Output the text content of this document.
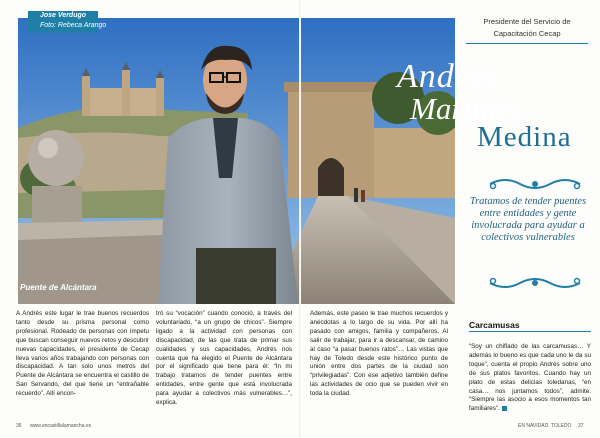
Jose Verdugo
Foto: Rebeca Arango
Puente de Alcántara
Presidente del Servicio de Capacitación Cecap
Andrés
Martínez
Medina
Tratamos de tender puentes entre entidades y gente involucrada para ayudar a colectivos vulnerables
A Andrés este lugar le trae buenos recuerdos tanto desde su prisma personal como profesional. Rodeado de personas con ímpetu que buscan conseguir nuevos retos y descubrir nuevas capacidades, el presidente de Cecap lleva varios años trabajando con personas con discapacidad. A tan solo unos metros del Puente de Alcántara se encuentra el castillo de San Servando, del que tiene un “entrañable recuerdo”. Allí encon-
tró su “vocación” cuando conoció, a través del voluntariado, “a un grupo de chicos”. Siempre ligado a la actividad con personas con discapacidad, de las que trata de primar sus cualidades y sus capacidades, Andrés nos cuenta que ha elegido el Puente de Alcántara por el significado que tiene para él: “In mi trabajo tratamos de tender puentes entre entidades, entre gente que está involucrada para ayudar a colectivos más vulnerables…”, explica.
Además, este paseo le trae muchos recuerdos y anécdotas a lo largo de su vida. Por allí ha pasado con amigos, familia y compañeros. Al salir de trabajar, para ir a descansar, de camino al caso “a pasar buenos ratos”… Las vistas que hay de Toledo desde este histórico punto de unión entre dos partes de la ciudad son “privilegiadas”. Con ese adjetivo también define las actividades de ocio que se pueden vivir en toda la ciudad.
Carcamusas
“Soy un chiflado de las carcamusas… Y además lo bueno es que cada uno le da su toque”, cuenta el propio Andrés sobre uno de sus platos favoritos. Cuando hay un plato de estas delicias toledanas, “en casa… nos juntamos todos”, admite. “Siempre las asocio a esos momentos tan familiares”.
36 www.encastillalamancha.es	EN NAVIDAD, TOLEDO 37
